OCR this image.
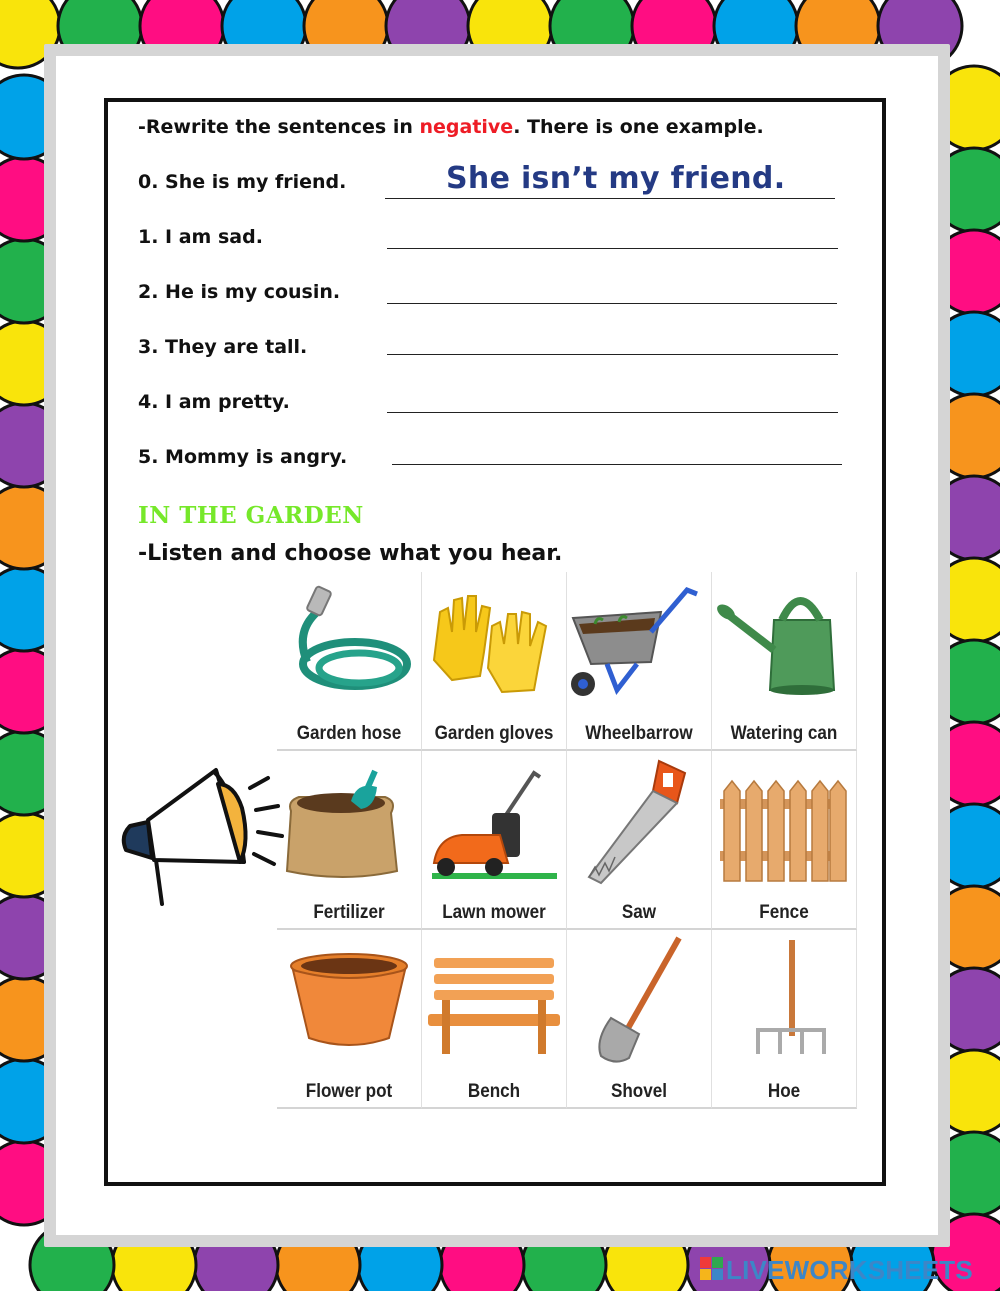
-Rewrite the sentences in negative. There is one example.
0. She is my friend.
1. I am sad.
2. He is my cousin.
3. They are tall.
4. I am pretty.
5. Mommy is angry.
She isn’t my friend.
IN THE GARDEN
-Listen and choose what you hear.
Garden hose	Garden gloves	Wheelbarrow	Watering can
Fertilizer	Lawn mower	Saw	Fence
Flower pot	Bench	Shovel	Hoe
LIVEWORKSHEETS
